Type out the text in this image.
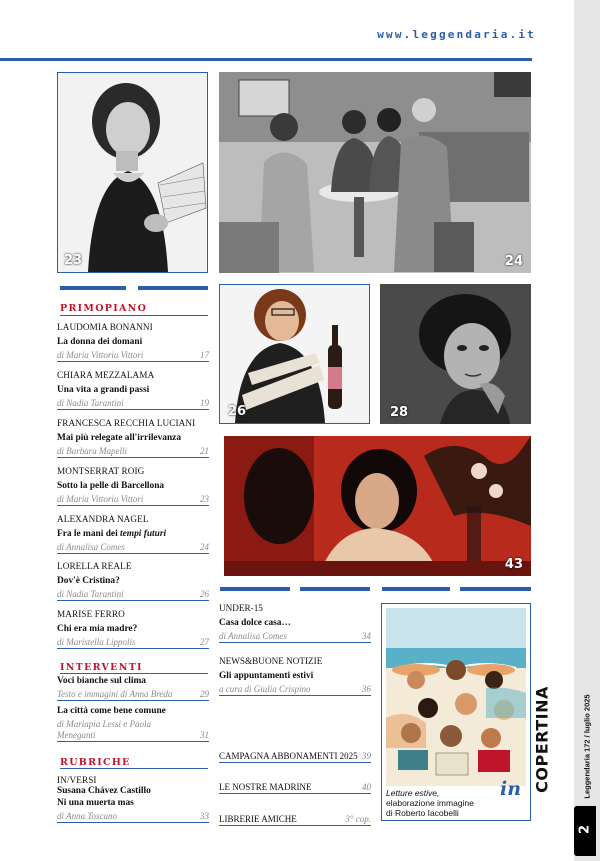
www.leggendaria.it
23	24
26	28
43
PRIMOPIANO
LAUDOMIA BONANNI
La donna dei domani
di Maria Vittoria Vittori	17
CHIARA MEZZALAMA
Una vita a grandi passi
di Nadia Tarantini	19
FRANCESCA RECCHIA LUCIANI
Mai più relegate all'irrilevanza
di Barbara Mapelli	21
MONTSERRAT ROIG
Sotto la pelle di Barcellona
di Maria Vittoria Vittori	23
ALEXANDRA NAGEL
Fra le mani dei tempi futuri
di Annalisa Comes	24
LORELLA REALE
Dov'è Cristina?
di Nadia Tarantini	26
MARISE FERRO
Chi era mia madre?
di Maristella Lippolis	27
INTERVENTI
Voci bianche sul clima
Testo e immagini di Anna Breda	29
La città come bene comune
di Mariapia Lessi e Paola
Meneganti	31
RUBRICHE
IN/VERSI
Susana Chávez Castillo
Ni una muerta mas
di Anna Toscano	33
UNDER-15
Casa dolce casa…
di Annalisa Comes	34
NEWS&BUONE NOTIZIE
Gli appuntamenti estivi
a cura di Giulia Crispino	36
CAMPAGNA ABBONAMENTI 2025 39
LE NOSTRE MADRINE	40
LIBRERIE AMICHE	3° cop.
Letture estive,
elaborazione immagine
di Roberto Iacobelli
in COPERTINA	Leggendaria 172 / luglio 2025
2
